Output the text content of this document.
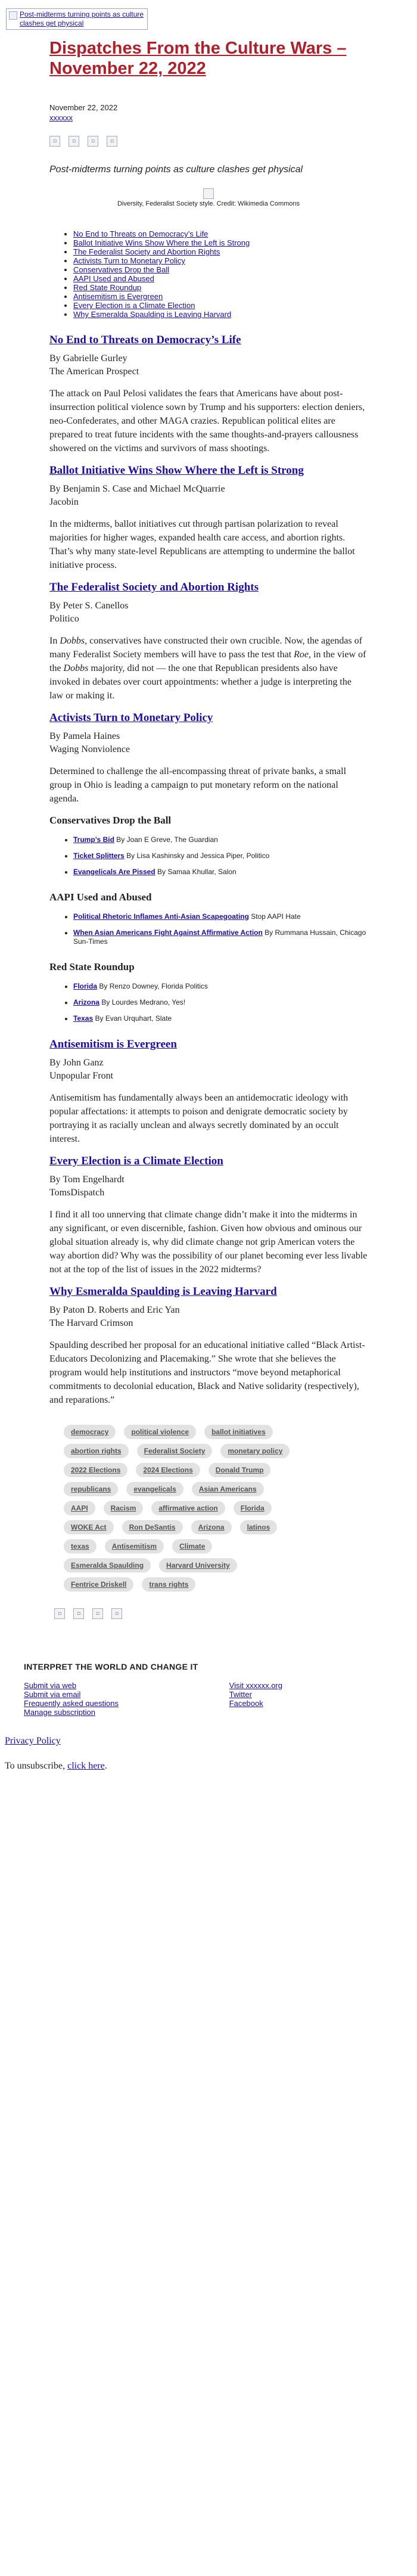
Post-midterms turning points as culture clashes get physical
Dispatches From the Culture Wars – November 22, 2022
November 22, 2022
xxxxxx
▫	▫	▫	▫
Post-midterms turning points as culture clashes get physical
Diversity, Federalist Society style. Credit: Wikimedia Commons
• No End to Threats on Democracy’s Life
• Ballot Initiative Wins Show Where the Left is Strong
• The Federalist Society and Abortion Rights
• Activists Turn to Monetary Policy
• Conservatives Drop the Ball
• AAPI Used and Abused
• Red State Roundup
• Antisemitism is Evergreen
• Every Election is a Climate Election
• Why Esmeralda Spaulding is Leaving Harvard
No End to Threats on Democracy’s Life

By Gabrielle Gurley

The American Prospect

The attack on Paul Pelosi validates the fears that Americans have about post-insurrection political violence sown by Trump and his supporters: election deniers, neo-Confederates, and other MAGA crazies. Republican political elites are prepared to treat future incidents with the same thoughts-and-prayers callousness showered on the victims and survivors of mass shootings.

Ballot Initiative Wins Show Where the Left is Strong

By Benjamin S. Case and Michael McQuarrie

Jacobin

In the midterms, ballot initiatives cut through partisan polarization to reveal majorities for higher wages, expanded health care access, and abortion rights. That’s why many state-level Republicans are attempting to undermine the ballot initiative process.

The Federalist Society and Abortion Rights

By Peter S. Canellos

Politico

In Dobbs, conservatives have constructed their own crucible. Now, the agendas of many Federalist Society members will have to pass the test that Roe, in the view of the Dobbs majority, did not — the one that Republican presidents also have invoked in debates over court appointments: whether a judge is interpreting the law or making it.

Activists Turn to Monetary Policy

By Pamela Haines

Waging Nonviolence

Determined to challenge the all-encompassing threat of private banks, a small group in Ohio is leading a campaign to put monetary reform on the national agenda.

Conservatives Drop the Ball
• Trump’s Bid By Joan E Greve, The Guardian
• Ticket Splitters By Lisa Kashinsky and Jessica Piper, Politico
• Evangelicals Are Pissed By Samaa Khullar, Salon
AAPI Used and Abused
• Political Rhetoric Inflames Anti-Asian Scapegoating Stop AAPI Hate
• When Asian Americans Fight Against Affirmative Action By Rummana Hussain, Chicago Sun-Times
Red State Roundup
• Florida By Renzo Downey, Florida Politics
• Arizona By Lourdes Medrano, Yes!
• Texas By Evan Urquhart, Slate
Antisemitism is Evergreen

By John Ganz

Unpopular Front

Antisemitism has fundamentally always been an antidemocratic ideology with popular affectations: it attempts to poison and denigrate democratic society by portraying it as racially unclean and always secretly dominated by an occult interest.

Every Election is a Climate Election

By Tom Engelhardt

TomsDispatch

I find it all too unnerving that climate change didn’t make it into the midterms in any significant, or even discernible, fashion. Given how obvious and ominous our global situation already is, why did climate change not grip American voters the way abortion did? Why was the possibility of our planet becoming ever less livable not at the top of the list of issues in the 2022 midterms?

Why Esmeralda Spaulding is Leaving Harvard

By Paton D. Roberts and Eric Yan

The Harvard Crimson

Spaulding described her proposal for an educational initiative called “Black Artist-Educators Decolonizing and Placemaking.” She wrote that she believes the program would help institutions and instructors “move beyond metaphorical commitments to decolonial education, Black and Native solidarity (respectively), and reparations.”

democracy	political violence	ballot initiatives
abortion rights	Federalist Society	monetary policy
2022 Elections	2024 Elections	Donald Trump
republicans	evangelicals	Asian Americans
AAPI	Racism	affirmative action	Florida
WOKE Act	Ron DeSantis	Arizona	latinos
texas	Antisemitism	Climate
Esmeralda Spaulding	Harvard University
Fentrice Driskell	trans rights
▫	▫	▫	▫
INTERPRET THE WORLD AND CHANGE IT
Submit via web
Submit via email
Frequently asked questions
Manage subscription
Visit xxxxxx.org
Twitter
Facebook

Privacy Policy

To unsubscribe, click here.
